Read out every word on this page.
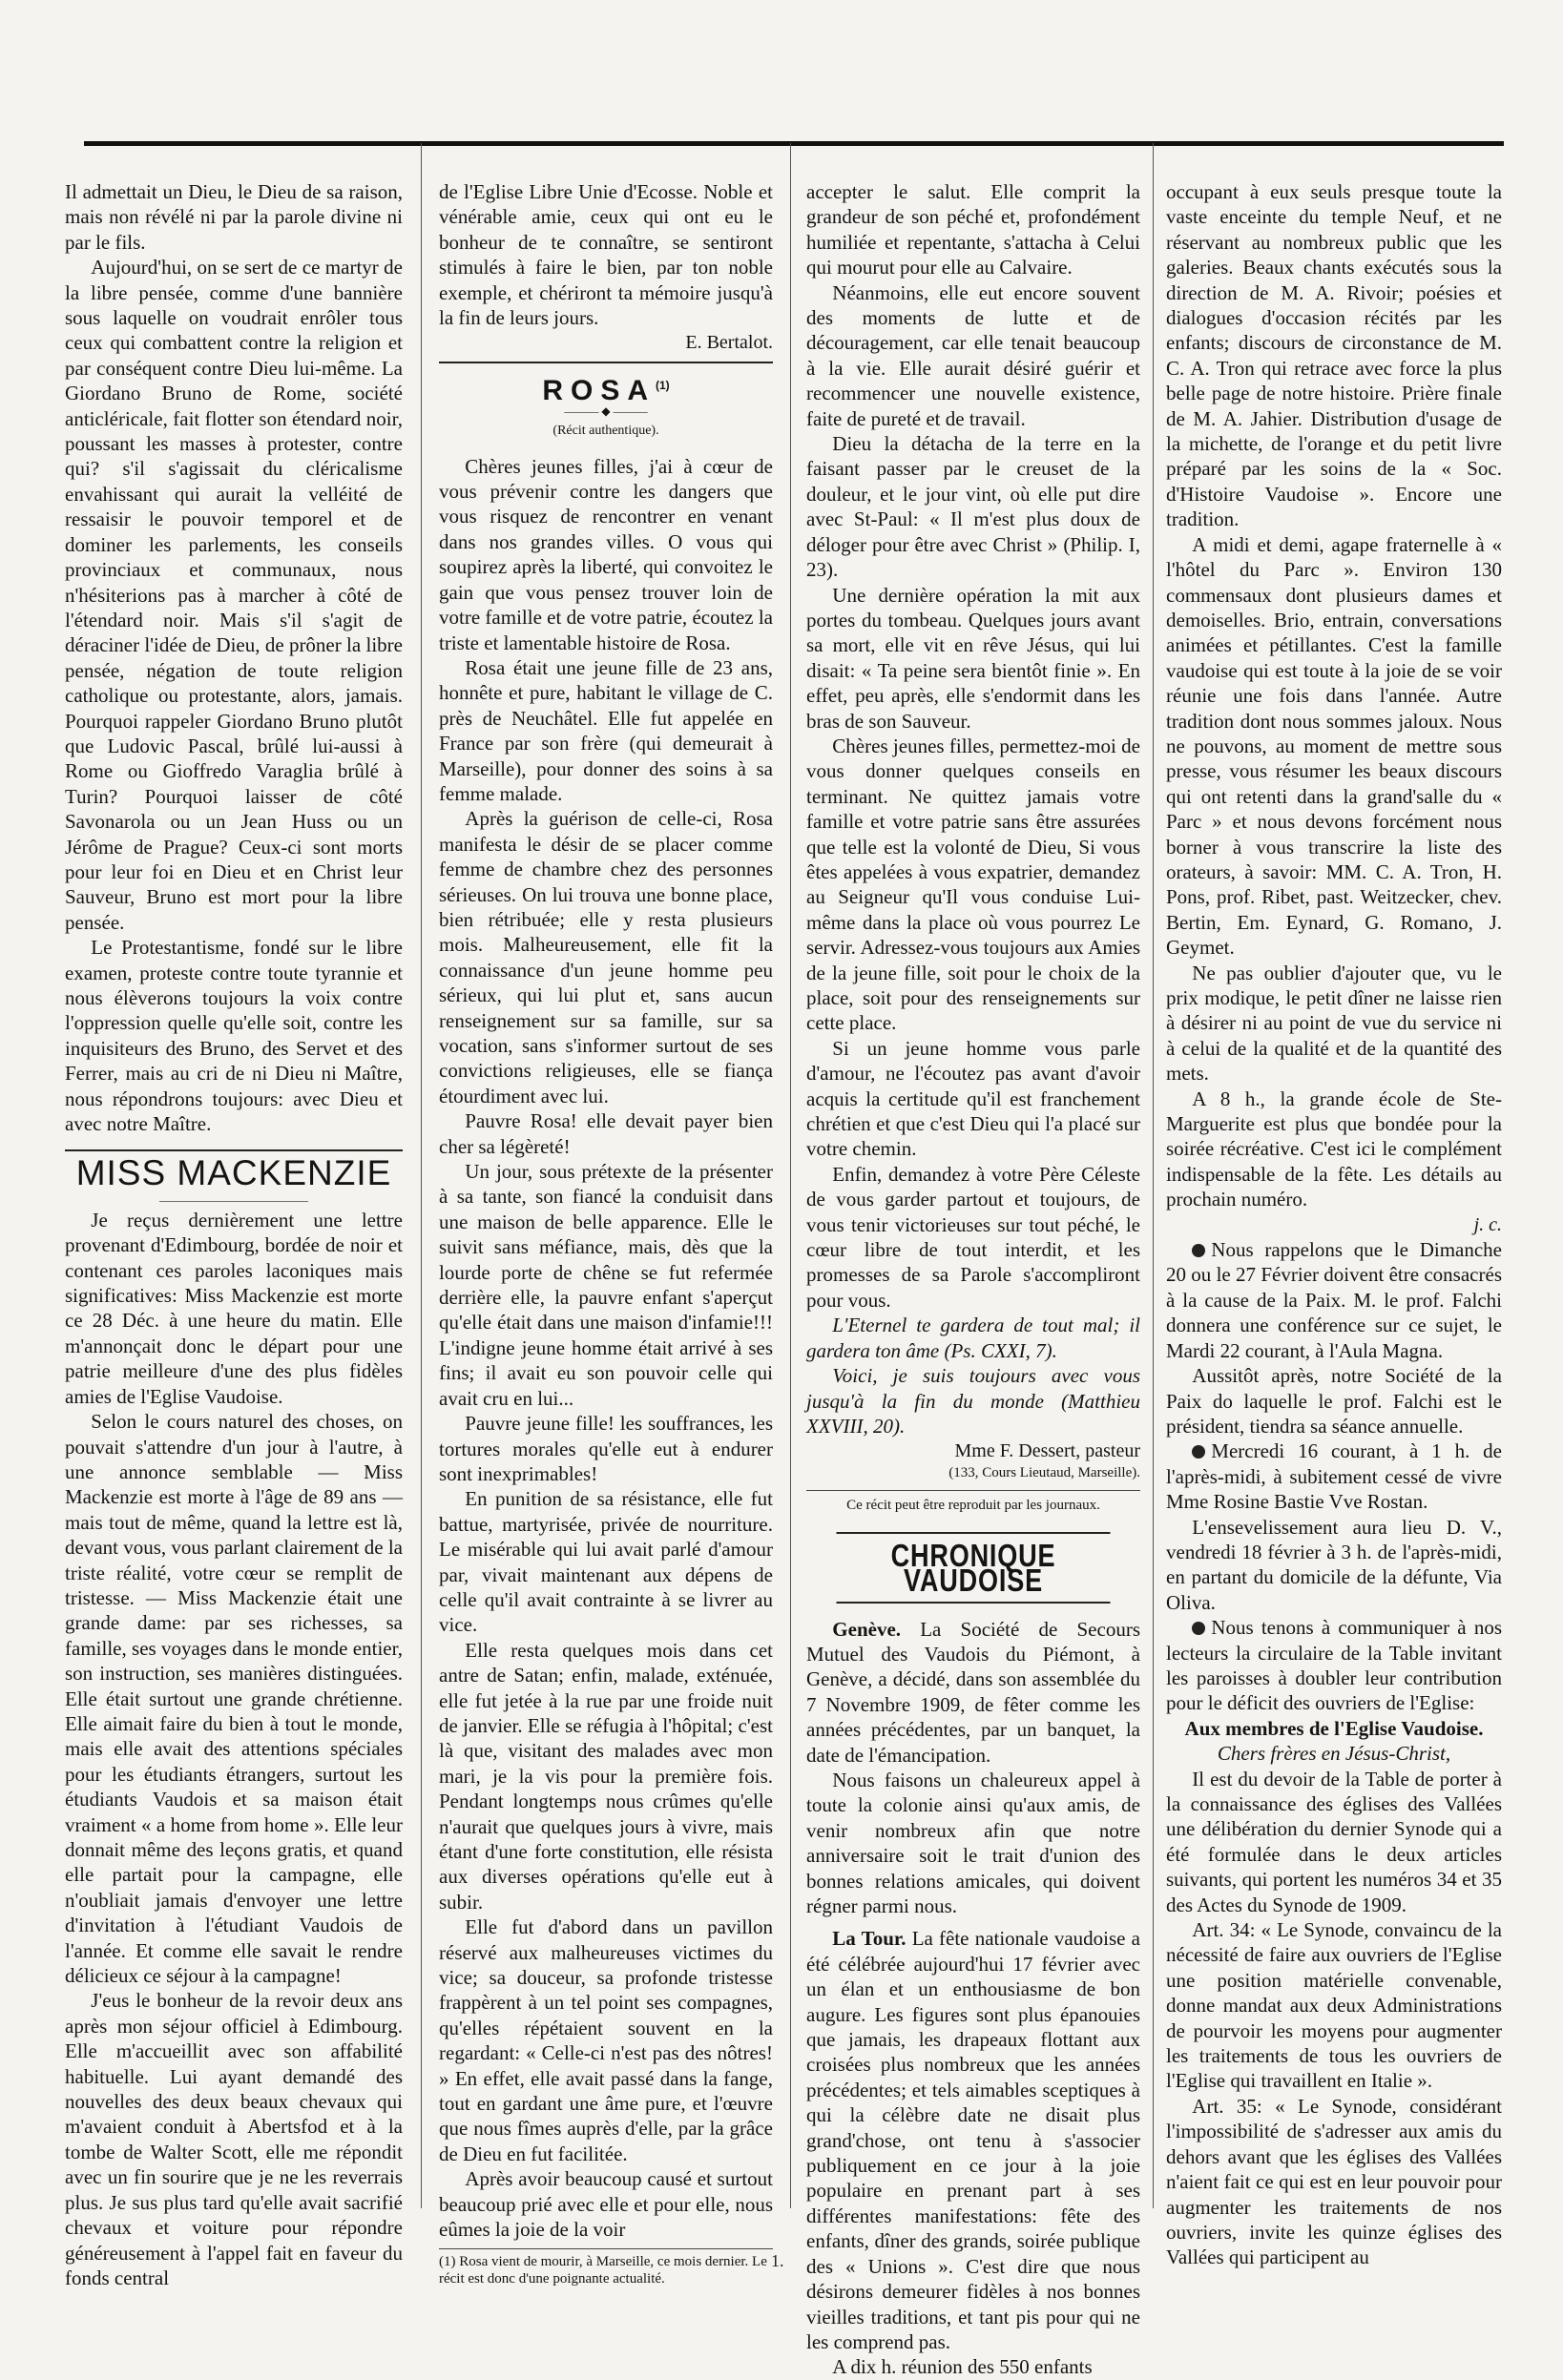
Il admettait un Dieu, le Dieu de sa raison, mais non révélé ni par la parole divine ni par le fils.

Aujourd'hui, on se sert de ce martyr de la libre pensée, comme d'une bannière sous laquelle on voudrait enrôler tous ceux qui combattent contre la religion et par conséquent contre Dieu lui-même. La Giordano Bruno de Rome, société anticléricale, fait flotter son étendard noir, poussant les masses à protester, contre qui? s'il s'agissait du cléricalisme envahissant qui aurait la velléité de ressaisir le pouvoir temporel et de dominer les parlements, les conseils provinciaux et communaux, nous n'hésiterions pas à marcher à côté de l'étendard noir. Mais s'il s'agit de déraciner l'idée de Dieu, de prôner la libre pensée, négation de toute religion catholique ou protestante, alors, jamais. Pourquoi rappeler Giordano Bruno plutôt que Ludovic Pascal, brûlé lui-aussi à Rome ou Gioffredo Varaglia brûlé à Turin? Pourquoi laisser de côté Savonarola ou un Jean Huss ou un Jérôme de Prague? Ceux-ci sont morts pour leur foi en Dieu et en Christ leur Sauveur, Bruno est mort pour la libre pensée.

Le Protestantisme, fondé sur le libre examen, proteste contre toute tyrannie et nous élèverons toujours la voix contre l'oppression quelle qu'elle soit, contre les inquisiteurs des Bruno, des Servet et des Ferrer, mais au cri de ni Dieu ni Maître, nous répondrons toujours: avec Dieu et avec notre Maître.

MISS MACKENZIE
―――――――――――――

Je reçus dernièrement une lettre provenant d'Edimbourg, bordée de noir et contenant ces paroles laconiques mais significatives: Miss Mackenzie est morte ce 28 Déc. à une heure du matin. Elle m'annonçait donc le départ pour une patrie meilleure d'une des plus fidèles amies de l'Eglise Vaudoise.

Selon le cours naturel des choses, on pouvait s'attendre d'un jour à l'autre, à une annonce semblable — Miss Mackenzie est morte à l'âge de 89 ans — mais tout de même, quand la lettre est là, devant vous, vous parlant clairement de la triste réalité, votre cœur se remplit de tristesse. — Miss Mackenzie était une grande dame: par ses richesses, sa famille, ses voyages dans le monde entier, son instruction, ses manières distinguées. Elle était surtout une grande chrétienne. Elle aimait faire du bien à tout le monde, mais elle avait des attentions spéciales pour les étudiants étrangers, surtout les étudiants Vaudois et sa maison était vraiment « a home from home ». Elle leur donnait même des leçons gratis, et quand elle partait pour la campagne, elle n'oubliait jamais d'envoyer une lettre d'invitation à l'étudiant Vaudois de l'année. Et comme elle savait le rendre délicieux ce séjour à la campagne!

J'eus le bonheur de la revoir deux ans après mon séjour officiel à Edimbourg. Elle m'accueillit avec son affabilité habituelle. Lui ayant demandé des nouvelles des deux beaux chevaux qui m'avaient conduit à Abertsfod et à la tombe de Walter Scott, elle me répondit avec un fin sourire que je ne les reverrais plus. Je sus plus tard qu'elle avait sacrifié chevaux et voiture pour répondre généreusement à l'appel fait en faveur du fonds central

de l'Eglise Libre Unie d'Ecosse. Noble et vénérable amie, ceux qui ont eu le bonheur de te connaître, se sentiront stimulés à faire le bien, par ton noble exemple, et chériront ta mémoire jusqu'à la fin de leurs jours.

E. Bertalot.
ROSA$^{(1)}$
――― ◆ ―――
(Récit authentique).

Chères jeunes filles, j'ai à cœur de vous prévenir contre les dangers que vous risquez de rencontrer en venant dans nos grandes villes. O vous qui soupirez après la liberté, qui convoitez le gain que vous pensez trouver loin de votre famille et de votre patrie, écoutez la triste et lamentable histoire de Rosa.

Rosa était une jeune fille de 23 ans, honnête et pure, habitant le village de C. près de Neuchâtel. Elle fut appelée en France par son frère (qui demeurait à Marseille), pour donner des soins à sa femme malade.

Après la guérison de celle-ci, Rosa manifesta le désir de se placer comme femme de chambre chez des personnes sérieuses. On lui trouva une bonne place, bien rétribuée; elle y resta plusieurs mois. Malheureusement, elle fit la connaissance d'un jeune homme peu sérieux, qui lui plut et, sans aucun renseignement sur sa famille, sur sa vocation, sans s'informer surtout de ses convictions religieuses, elle se fiança étourdiment avec lui.

Pauvre Rosa! elle devait payer bien cher sa légèreté!

Un jour, sous prétexte de la présenter à sa tante, son fiancé la conduisit dans une maison de belle apparence. Elle le suivit sans méfiance, mais, dès que la lourde porte de chêne se fut refermée derrière elle, la pauvre enfant s'aperçut qu'elle était dans une maison d'infamie!!! L'indigne jeune homme était arrivé à ses fins; il avait eu son pouvoir celle qui avait cru en lui...

Pauvre jeune fille! les souffrances, les tortures morales qu'elle eut à endurer sont inexprimables!

En punition de sa résistance, elle fut battue, martyrisée, privée de nourriture. Le misérable qui lui avait parlé d'amour par, vivait maintenant aux dépens de celle qu'il avait contrainte à se livrer au vice.

Elle resta quelques mois dans cet antre de Satan; enfin, malade, exténuée, elle fut jetée à la rue par une froide nuit de janvier. Elle se réfugia à l'hôpital; c'est là que, visitant des malades avec mon mari, je la vis pour la première fois. Pendant longtemps nous crûmes qu'elle n'aurait que quelques jours à vivre, mais étant d'une forte constitution, elle résista aux diverses opérations qu'elle eut à subir.

Elle fut d'abord dans un pavillon réservé aux malheureuses victimes du vice; sa douceur, sa profonde tristesse frappèrent à un tel point ses compagnes, qu'elles répétaient souvent en la regardant: « Celle-ci n'est pas des nôtres! » En effet, elle avait passé dans la fange, tout en gardant une âme pure, et l'œuvre que nous fîmes auprès d'elle, par la grâce de Dieu en fut facilitée.

Après avoir beaucoup causé et surtout beaucoup prié avec elle et pour elle, nous eûmes la joie de la voir

(1) Rosa vient de mourir, à Marseille, ce mois dernier. Le récit est donc d'une poignante actualité.

accepter le salut. Elle comprit la grandeur de son péché et, profondément humiliée et repentante, s'attacha à Celui qui mourut pour elle au Calvaire.

Néanmoins, elle eut encore souvent des moments de lutte et de découragement, car elle tenait beaucoup à la vie. Elle aurait désiré guérir et recommencer une nouvelle existence, faite de pureté et de travail.

Dieu la détacha de la terre en la faisant passer par le creuset de la douleur, et le jour vint, où elle put dire avec St-Paul: « Il m'est plus doux de déloger pour être avec Christ » (Philip. I, 23).

Une dernière opération la mit aux portes du tombeau. Quelques jours avant sa mort, elle vit en rêve Jésus, qui lui disait: « Ta peine sera bientôt finie ». En effet, peu après, elle s'endormit dans les bras de son Sauveur.

Chères jeunes filles, permettez-moi de vous donner quelques conseils en terminant. Ne quittez jamais votre famille et votre patrie sans être assurées que telle est la volonté de Dieu, Si vous êtes appelées à vous expatrier, demandez au Seigneur qu'Il vous conduise Lui-même dans la place où vous pourrez Le servir. Adressez-vous toujours aux Amies de la jeune fille, soit pour le choix de la place, soit pour des renseignements sur cette place.

Si un jeune homme vous parle d'amour, ne l'écoutez pas avant d'avoir acquis la certitude qu'il est franchement chrétien et que c'est Dieu qui l'a placé sur votre chemin.

Enfin, demandez à votre Père Céleste de vous garder partout et toujours, de vous tenir victorieuses sur tout péché, le cœur libre de tout interdit, et les promesses de sa Parole s'accompliront pour vous.

L'Eternel te gardera de tout mal; il gardera ton âme (Ps. CXXI, 7).

Voici, je suis toujours avec vous jusqu'à la fin du monde (Matthieu XXVIII, 20).

Mme F. Dessert, pasteur
(133, Cours Lieutaud, Marseille).
Ce récit peut être reproduit par les journaux.
CHRONIQUE VAUDOISE

Genève. La Société de Secours Mutuel des Vaudois du Piémont, à Genève, a décidé, dans son assemblée du 7 Novembre 1909, de fêter comme les années précédentes, par un banquet, la date de l'émancipation.

Nous faisons un chaleureux appel à toute la colonie ainsi qu'aux amis, de venir nombreux afin que notre anniversaire soit le trait d'union des bonnes relations amicales, qui doivent régner parmi nous.

La Tour. La fête nationale vaudoise a été célébrée aujourd'hui 17 février avec un élan et un enthousiasme de bon augure. Les figures sont plus épanouies que jamais, les drapeaux flottant aux croisées plus nombreux que les années précédentes; et tels aimables sceptiques à qui la célèbre date ne disait plus grand'chose, ont tenu à s'associer publiquement en ce jour à la joie populaire en prenant part à ses différentes manifestations: fête des enfants, dîner des grands, soirée publique des « Unions ». C'est dire que nous désirons demeurer fidèles à nos bonnes vieilles traditions, et tant pis pour qui ne les comprend pas.

A dix h. réunion des 550 enfants

occupant à eux seuls presque toute la vaste enceinte du temple Neuf, et ne réservant au nombreux public que les galeries. Beaux chants exécutés sous la direction de M. A. Rivoir; poésies et dialogues d'occasion récités par les enfants; discours de circonstance de M. C. A. Tron qui retrace avec force la plus belle page de notre histoire. Prière finale de M. A. Jahier. Distribution d'usage de la michette, de l'orange et du petit livre préparé par les soins de la « Soc. d'Histoire Vaudoise ». Encore une tradition.

A midi et demi, agape fraternelle à « l'hôtel du Parc ». Environ 130 commensaux dont plusieurs dames et demoiselles. Brio, entrain, conversations animées et pétillantes. C'est la famille vaudoise qui est toute à la joie de se voir réunie une fois dans l'année. Autre tradition dont nous sommes jaloux. Nous ne pouvons, au moment de mettre sous presse, vous résumer les beaux discours qui ont retenti dans la grand'salle du « Parc » et nous devons forcément nous borner à vous transcrire la liste des orateurs, à savoir: MM. C. A. Tron, H. Pons, prof. Ribet, past. Weitzecker, chev. Bertin, Em. Eynard, G. Romano, J. Geymet.

Ne pas oublier d'ajouter que, vu le prix modique, le petit dîner ne laisse rien à désirer ni au point de vue du service ni à celui de la qualité et de la quantité des mets.

A 8 h., la grande école de Ste-Marguerite est plus que bondée pour la soirée récréative. C'est ici le complément indispensable de la fête. Les détails au prochain numéro.

j. c.

Nous rappelons que le Dimanche 20 ou le 27 Février doivent être consacrés à la cause de la Paix. M. le prof. Falchi donnera une conférence sur ce sujet, le Mardi 22 courant, à l'Aula Magna.

Aussitôt après, notre Société de la Paix do laquelle le prof. Falchi est le président, tiendra sa séance annuelle.

Mercredi 16 courant, à 1 h. de l'après-midi, à subitement cessé de vivre Mme Rosine Bastie Vve Rostan.

L'ensevelissement aura lieu D. V., vendredi 18 février à 3 h. de l'après-midi, en partant du domicile de la défunte, Via Oliva.

Nous tenons à communiquer à nos lecteurs la circulaire de la Table invitant les paroisses à doubler leur contribution pour le déficit des ouvriers de l'Eglise:

Aux membres de l'Eglise Vaudoise.

Chers frères en Jésus-Christ,

Il est du devoir de la Table de porter à la connaissance des églises des Vallées une délibération du dernier Synode qui a été formulée dans le deux articles suivants, qui portent les numéros 34 et 35 des Actes du Synode de 1909.

Art. 34: « Le Synode, convaincu de la nécessité de faire aux ouvriers de l'Eglise une position matérielle convenable, donne mandat aux deux Administrations de pourvoir les moyens pour augmenter les traitements de tous les ouvriers de l'Eglise qui travaillent en Italie ».

Art. 35: « Le Synode, considérant l'impossibilité de s'adresser aux amis du dehors avant que les églises des Vallées n'aient fait ce qui est en leur pouvoir pour augmenter les traitements de nos ouvriers, invite les quinze églises des Vallées qui participent au

1.
